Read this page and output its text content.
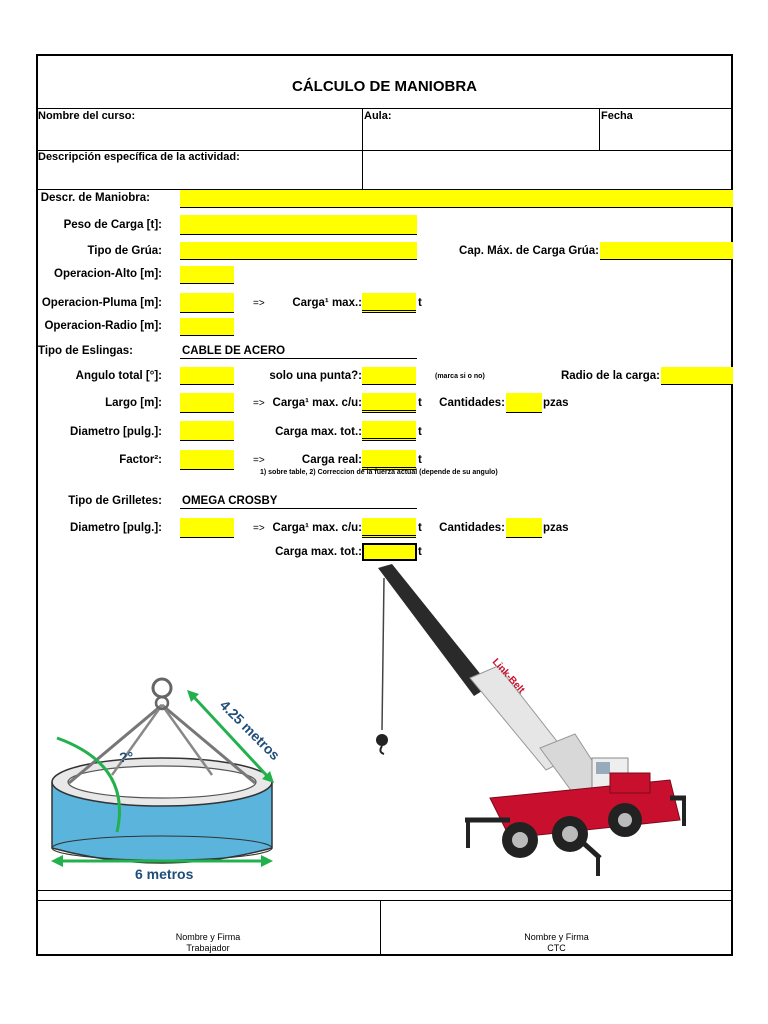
CÁLCULO DE MANIOBRA
Nombre del curso:	Aula:	Fecha
Descripción específica de la actividad:
Descr. de Maniobra:
Peso de Carga [t]:
Tipo de Grúa:	Cap. Máx. de Carga Grúa:
Operacion-Alto [m]:
Operacion-Pluma [m]:	=>	Carga¹ max.:	t
Operacion-Radio [m]:
Tipo de Eslingas:	CABLE DE ACERO
Angulo total [°]:	solo una punta?:	(marca si o no)	Radio de la carga:
Largo [m]:	=> Carga¹ max. c/u:	t	Cantidades:	pzas
Diametro [pulg.]:	Carga max. tot.:	t
Factor²:	=>	Carga real:	t
1) sobre table, 2) Correccion de la fuerza actual (depende de su angulo)
Tipo de Grilletes: OMEGA CROSBY
Diametro [pulg.]:	=> Carga¹ max. c/u:	t	Cantidades:	pzas
Carga max. tot.:	t
?°	4.25 metros
6 metros
Link-Belt
Nombre y Firma
Trabajador
Nombre y Firma
CTC
